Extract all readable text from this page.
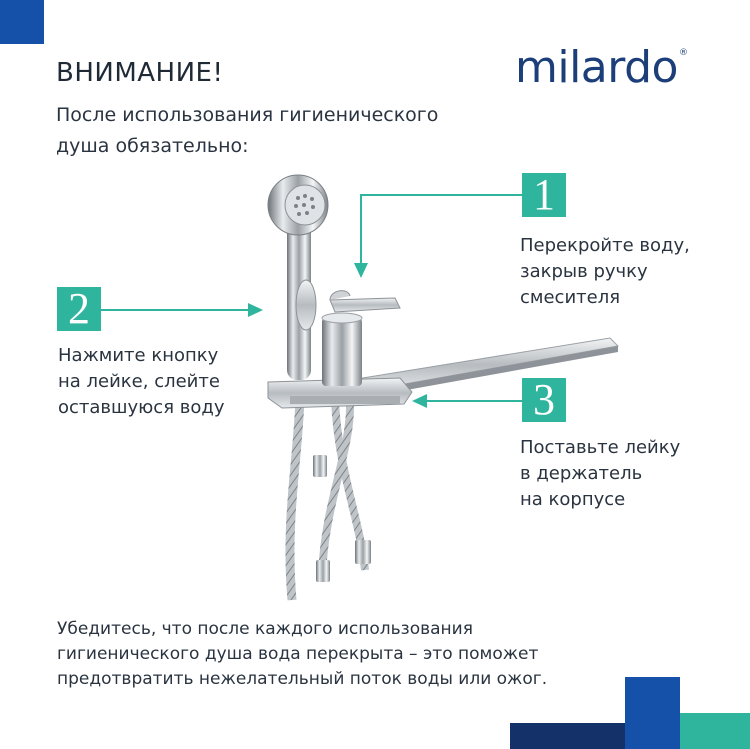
ВНИМАНИЕ!
После использования гигиенического
душа обязательно:
milardo®
1
2
3
Перекройте воду,
закрыв ручку
смесителя
Нажмите кнопку
на лейке, слейте
оставшуюся воду
Поставьте лейку
в держатель
на корпусе
Убедитесь, что после каждого использования
гигиенического душа вода перекрыта – это поможет
предотвратить нежелательный поток воды или ожог.
